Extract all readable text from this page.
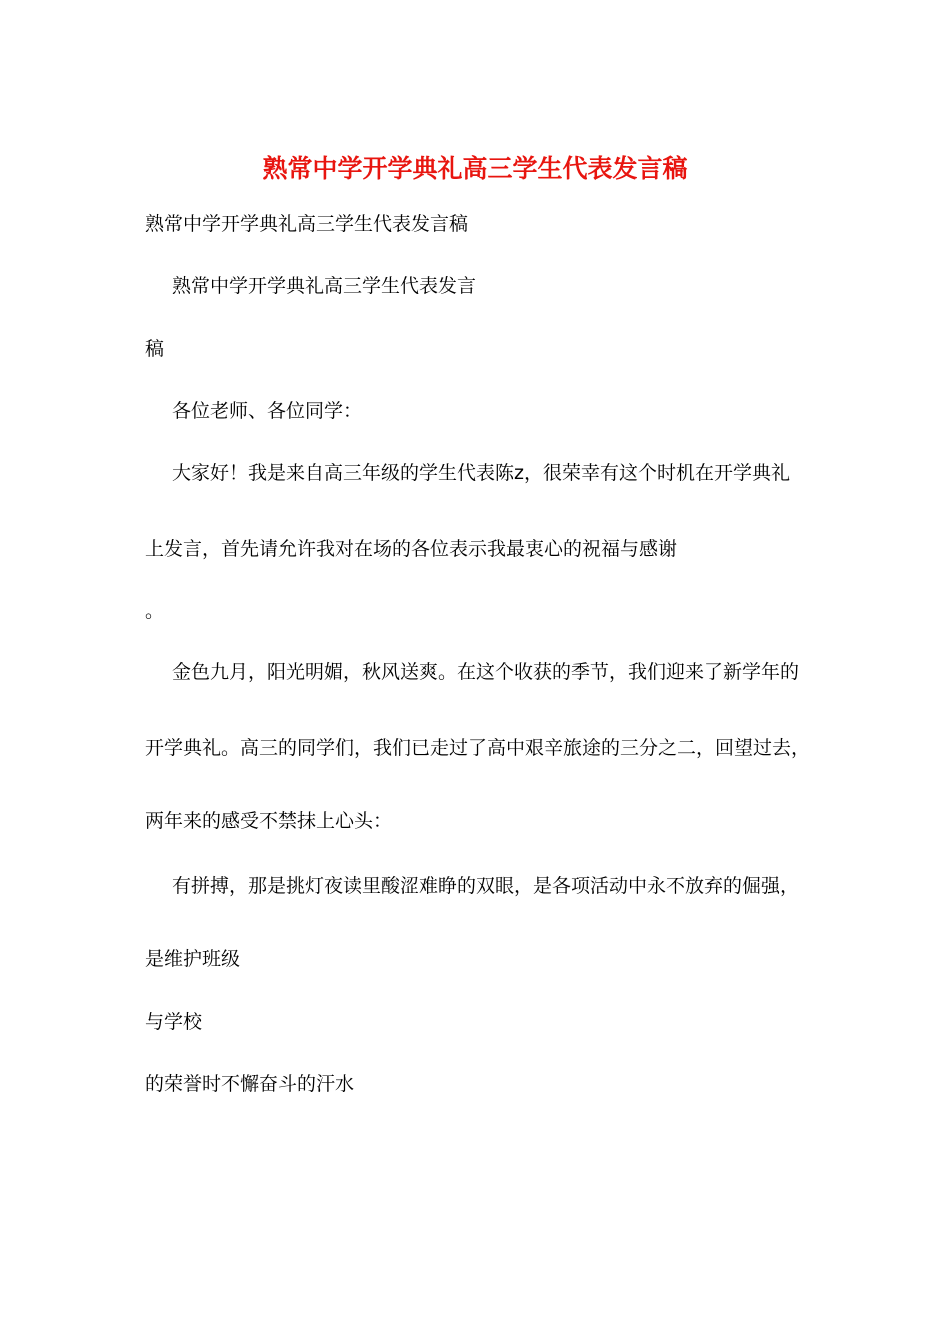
熟常中学开学典礼高三学生代表发言稿
熟常中学开学典礼高三学生代表发言稿
熟常中学开学典礼高三学生代表发言
稿
各位老师、各位同学：
大家好！我是来自高三年级的学生代表陈z，很荣幸有这个时机在开学典礼
上发言，首先请允许我对在场的各位表示我最衷心的祝福与感谢
。
金色九月，阳光明媚，秋风送爽。在这个收获的季节，我们迎来了新学年的
开学典礼。高三的同学们，我们已走过了高中艰辛旅途的三分之二，回望过去，
两年来的感受不禁抹上心头：
有拼搏，那是挑灯夜读里酸涩难睁的双眼，是各项活动中永不放弃的倔强，
是维护班级
与学校
的荣誉时不懈奋斗的汗水
